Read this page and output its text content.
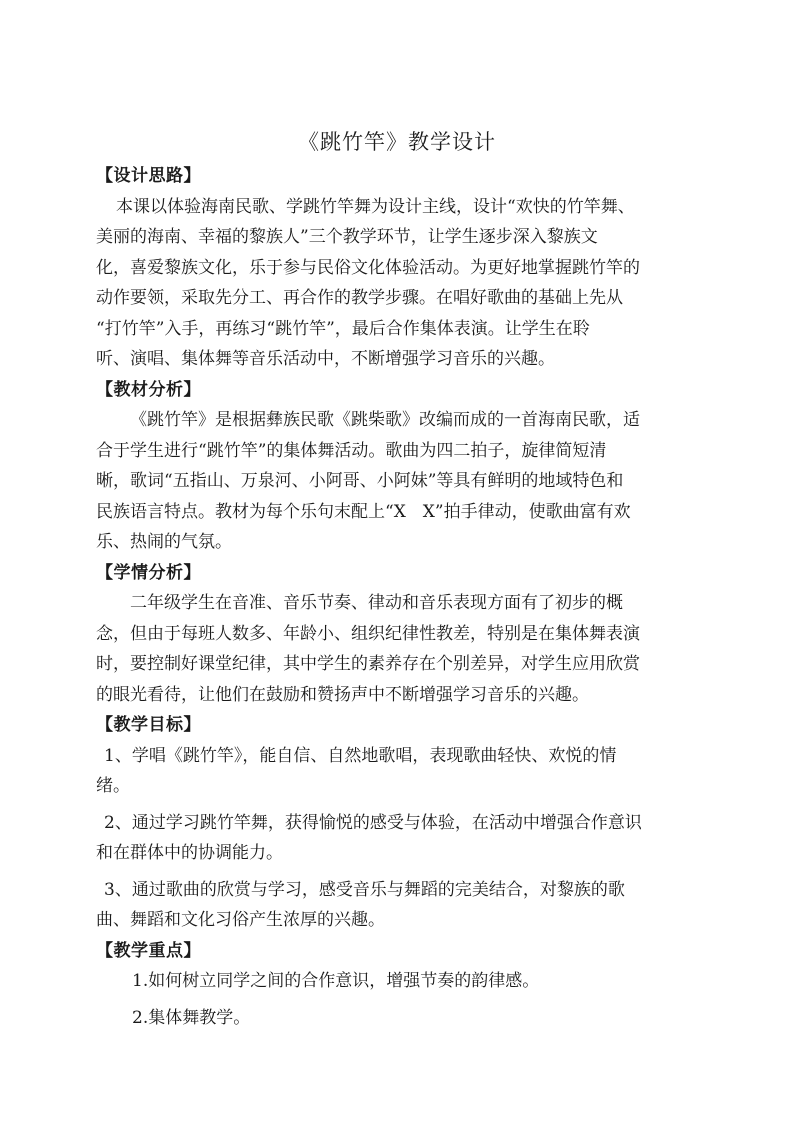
《跳竹竿》教学设计
【设计思路】
本课以体验海南民歌、学跳竹竿舞为设计主线，设计“欢快的竹竿舞、
美丽的海南、幸福的黎族人”三个教学环节，让学生逐步深入黎族文
化，喜爱黎族文化，乐于参与民俗文化体验活动。为更好地掌握跳竹竿的
动作要领，采取先分工、再合作的教学步骤。在唱好歌曲的基础上先从
“打竹竿”入手，再练习“跳竹竿”，最后合作集体表演。让学生在聆
听、演唱、集体舞等音乐活动中，不断增强学习音乐的兴趣。
【教材分析】
《跳竹竿》是根据彝族民歌《跳柴歌》改编而成的一首海南民歌，适
合于学生进行“跳竹竿”的集体舞活动。歌曲为四二拍子，旋律简短清
晰，歌词“五指山、万泉河、小阿哥、小阿妹”等具有鲜明的地域特色和
民族语言特点。教材为每个乐句末配上“X　X”拍手律动，使歌曲富有欢
乐、热闹的气氛。
【学情分析】
二年级学生在音准、音乐节奏、律动和音乐表现方面有了初步的概
念，但由于每班人数多、年龄小、组织纪律性教差，特别是在集体舞表演
时，要控制好课堂纪律，其中学生的素养存在个别差异，对学生应用欣赏
的眼光看待，让他们在鼓励和赞扬声中不断增强学习音乐的兴趣。
【教学目标】
1、学唱《跳竹竿》，能自信、自然地歌唱，表现歌曲轻快、欢悦的情
绪。
2、通过学习跳竹竿舞，获得愉悦的感受与体验，在活动中增强合作意识
和在群体中的协调能力。
3、通过歌曲的欣赏与学习，感受音乐与舞蹈的完美结合，对黎族的歌
曲、舞蹈和文化习俗产生浓厚的兴趣。
【教学重点】
1.如何树立同学之间的合作意识，增强节奏的韵律感。
2.集体舞教学。
